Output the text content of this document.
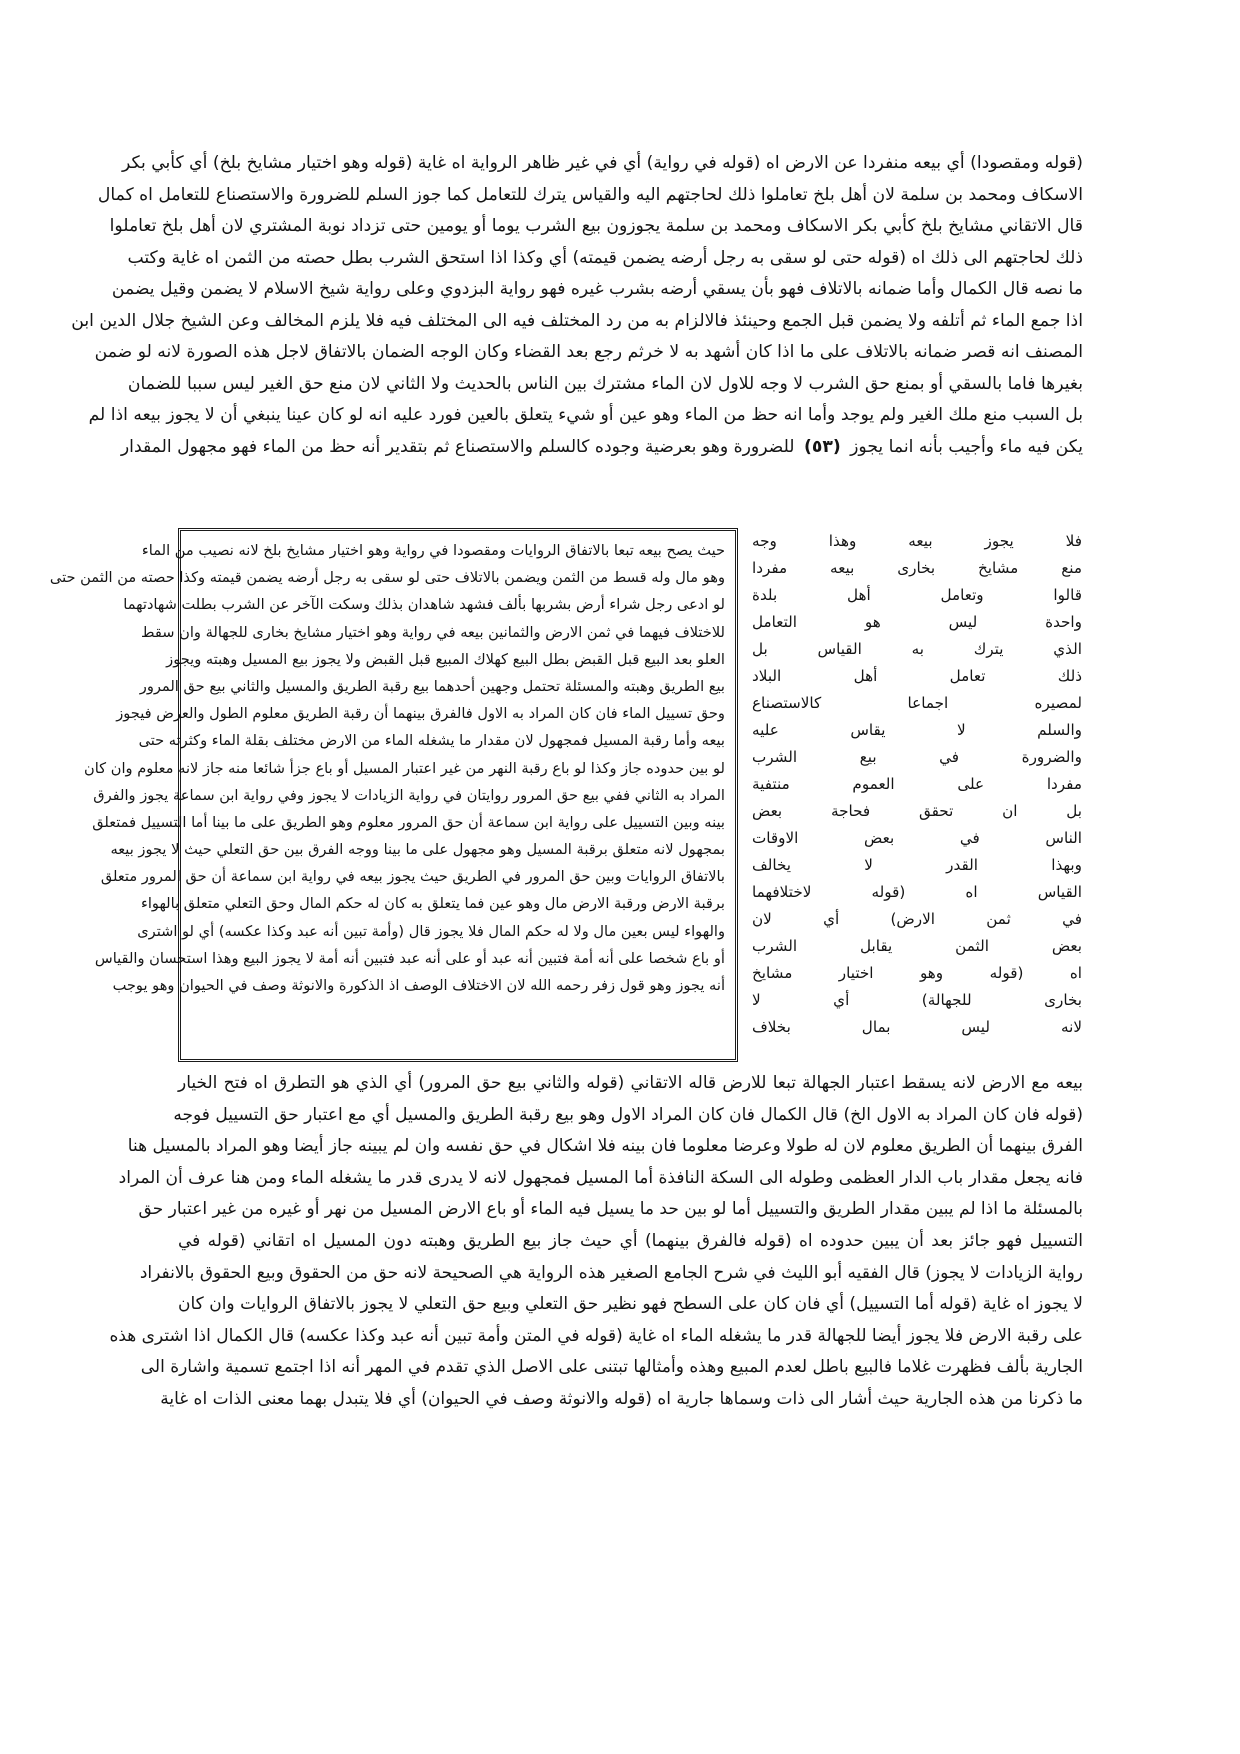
(قوله ومقصودا) أي بيعه منفردا عن الارض اه (قوله في رواية) أي في غير ظاهر الرواية اه غاية (قوله وهو اختيار مشايخ بلخ) أي كأبي بكر
الاسكاف ومحمد بن سلمة لان أهل بلخ تعاملوا ذلك لحاجتهم اليه والقياس يترك للتعامل كما جوز السلم للضرورة والاستصناع للتعامل اه كمال
قال الاتقاني مشايخ بلخ كأبي بكر الاسكاف ومحمد بن سلمة يجوزون بيع الشرب يوما أو يومين حتى تزداد نوبة المشتري لان أهل بلخ تعاملوا
ذلك لحاجتهم الى ذلك اه (قوله حتى لو سقى به رجل أرضه يضمن قيمته) أي وكذا اذا استحق الشرب بطل حصته من الثمن اه غاية وكتب
ما نصه قال الكمال وأما ضمانه بالاتلاف فهو بأن يسقي أرضه بشرب غيره فهو رواية البزدوي وعلى رواية شيخ الاسلام لا يضمن وقيل يضمن
اذا جمع الماء ثم أتلفه ولا يضمن قبل الجمع وحينئذ فالالزام به من رد المختلف فيه الى المختلف فيه فلا يلزم المخالف وعن الشيخ جلال الدين ابن
المصنف انه قصر ضمانه بالاتلاف على ما اذا كان أشهد به لا خرثم رجع بعد القضاء وكان الوجه الضمان بالاتفاق لاجل هذه الصورة لانه لو ضمن
بغيرها فاما بالسقي أو بمنع حق الشرب لا وجه للاول لان الماء مشترك بين الناس بالحديث ولا الثاني لان منع حق الغير ليس سببا للضمان
بل السبب منع ملك الغير ولم يوجد وأما انه حظ من الماء وهو عين أو شيء يتعلق بالعين فورد عليه انه لو كان عينا ينبغي أن لا يجوز بيعه اذا لم
يكن فيه ماء وأجيب بأنه انما يجوز (٥٣) للضرورة وهو بعرضية وجوده كالسلم والاستصناع ثم بتقدير أنه حظ من الماء فهو مجهول المقدار
حيث يصح بيعه تبعا بالاتفاق الروايات ومقصودا في رواية وهو اختيار مشايخ بلخ لانه نصيب من الماء
وهو مال وله قسط من الثمن ويضمن بالاتلاف حتى لو سقى به رجل أرضه يضمن قيمته وكذا حصته من الثمن حتى
لو ادعى رجل شراء أرض بشربها بألف فشهد شاهدان بذلك وسكت الآخر عن الشرب بطلت شهادتهما
للاختلاف فيهما في ثمن الارض والثمانين بيعه في رواية وهو اختيار مشايخ بخارى للجهالة وان سقط
العلو بعد البيع قبل القبض بطل البيع كهلاك المبيع قبل القبض ولا يجوز بيع المسيل وهبته ويجوز
بيع الطريق وهبته والمسئلة تحتمل وجهين أحدهما بيع رقبة الطريق والمسيل والثاني بيع حق المرور
وحق تسييل الماء فان كان المراد به الاول فالفرق بينهما أن رقبة الطريق معلوم الطول والعرض فيجوز
بيعه وأما رقبة المسيل فمجهول لان مقدار ما يشغله الماء من الارض مختلف بقلة الماء وكثرته حتى
لو بين حدوده جاز وكذا لو باع رقبة النهر من غير اعتبار المسيل أو باع جزأ شائعا منه جاز لانه معلوم وان كان
المراد به الثاني ففي بيع حق المرور روايتان في رواية الزيادات لا يجوز وفي رواية ابن سماعة يجوز والفرق
بينه وبين التسييل على رواية ابن سماعة أن حق المرور معلوم وهو الطريق على ما بينا أما التسييل فمتعلق
بمجهول لانه متعلق برقبة المسيل وهو مجهول على ما بينا ووجه الفرق بين حق التعلي حيث لا يجوز بيعه
بالاتفاق الروايات وبين حق المرور في الطريق حيث يجوز بيعه في رواية ابن سماعة أن حق المرور متعلق
برقبة الارض ورقبة الارض مال وهو عين فما يتعلق به كان له حكم المال وحق التعلي متعلق بالهواء
والهواء ليس بعين مال ولا له حكم المال فلا يجوز قال (وأمة تبين أنه عبد وكذا عكسه) أي لو اشترى
أو باع شخصا على أنه أمة فتبين أنه عبد أو على أنه عبد فتبين أنه أمة لا يجوز البيع وهذا استحسان والقياس
أنه يجوز وهو قول زفر رحمه الله لان الاختلاف الوصف اذ الذكورة والانوثة وصف في الحيوان وهو يوجب
فلا يجوز بيعه وهذا وجه
منع مشايخ بخارى بيعه مفردا
قالوا وتعامل أهل بلدة
واحدة ليس هو التعامل
الذي يترك به القياس بل
ذلك تعامل أهل البلاد
لمصيره اجماعا كالاستصناع
والسلم لا يقاس عليه
والضرورة في بيع الشرب
مفردا على العموم منتفية
بل ان تحقق فحاجة بعض
الناس في بعض الاوقات
وبهذا القدر لا يخالف
القياس اه (قوله لاختلافهما
في ثمن الارض) أي لان
بعض الثمن يقابل الشرب
اه (قوله وهو اختيار مشايخ
بخارى للجهالة) أي لا
لانه ليس بمال بخلاف
بيعه مع الارض لانه يسقط اعتبار الجهالة تبعا للارض قاله الاتقاني (قوله والثاني بيع حق المرور) أي الذي هو التطرق اه فتح الخيار
(قوله فان كان المراد به الاول الخ) قال الكمال فان كان المراد الاول وهو بيع رقبة الطريق والمسيل أي مع اعتبار حق التسييل فوجه
الفرق بينهما أن الطريق معلوم لان له طولا وعرضا معلوما فان بينه فلا اشكال في حق نفسه وان لم يبينه جاز أيضا وهو المراد بالمسيل هنا
فانه يجعل مقدار باب الدار العظمى وطوله الى السكة النافذة أما المسيل فمجهول لانه لا يدرى قدر ما يشغله الماء ومن هنا عرف أن المراد
بالمسئلة ما اذا لم يبين مقدار الطريق والتسييل أما لو بين حد ما يسيل فيه الماء أو باع الارض المسيل من نهر أو غيره من غير اعتبار حق
التسييل فهو جائز بعد أن يبين حدوده اه (قوله فالفرق بينهما) أي حيث جاز بيع الطريق وهبته دون المسيل اه اتقاني (قوله في
رواية الزيادات لا يجوز) قال الفقيه أبو الليث في شرح الجامع الصغير هذه الرواية هي الصحيحة لانه حق من الحقوق وبيع الحقوق بالانفراد
لا يجوز اه غاية (قوله أما التسييل) أي فان كان على السطح فهو نظير حق التعلي وبيع حق التعلي لا يجوز بالاتفاق الروايات وان كان
على رقبة الارض فلا يجوز أيضا للجهالة قدر ما يشغله الماء اه غاية (قوله في المتن وأمة تبين أنه عبد وكذا عكسه) قال الكمال اذا اشترى هذه
الجارية بألف فظهرت غلاما فالبيع باطل لعدم المبيع وهذه وأمثالها تبتنى على الاصل الذي تقدم في المهر أنه اذا اجتمع تسمية واشارة الى
ما ذكرنا من هذه الجارية حيث أشار الى ذات وسماها جارية اه (قوله والانوثة وصف في الحيوان) أي فلا يتبدل بهما معنى الذات اه غاية
